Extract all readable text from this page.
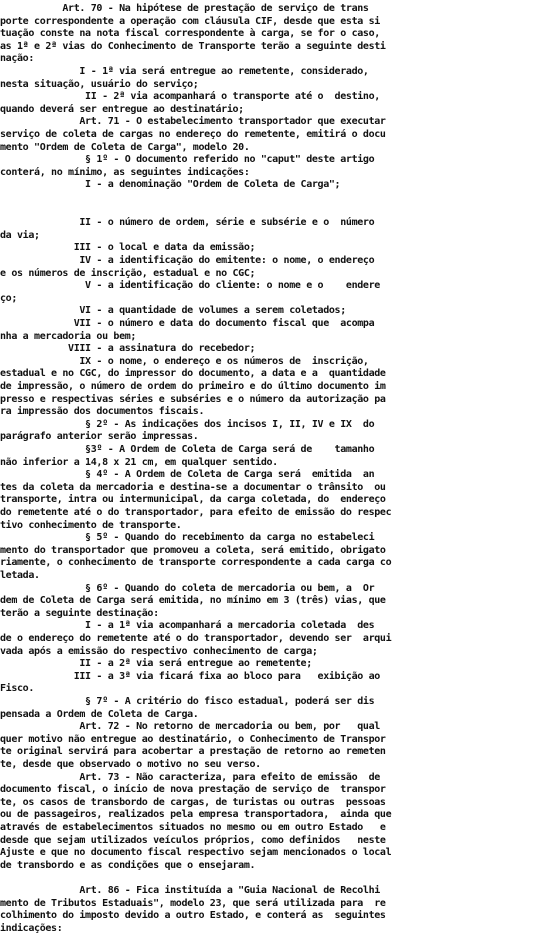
Art. 70 - Na hipótese de prestação de serviço de trans
porte correspondente a operação com cláusula CIF, desde que esta si
tuação conste na nota fiscal correspondente à carga, se for o caso,
as 1ª e 2ª vias do Conhecimento de Transporte terão a seguinte desti
nação:
I - 1ª via será entregue ao remetente, considerado,
nesta situação, usuário do serviço;
II - 2ª via acompanhará o transporte até o  destino,
quando deverá ser entregue ao destinatário;
Art. 71 - O estabelecimento transportador que executar
serviço de coleta de cargas no endereço do remetente, emitirá o docu
mento "Ordem de Coleta de Carga", modelo 20.
§ 1º - O documento referido no "caput" deste artigo
conterá, no mínimo, as seguintes indicações:
I - a denominação "Ordem de Coleta de Carga";
II - o número de ordem, série e subsérie e o  número
da via;
III - o local e data da emissão;
IV - a identificação do emitente: o nome, o endereço
e os números de inscrição, estadual e no CGC;
V - a identificação do cliente: o nome e o    endere
ço;
VI - a quantidade de volumes a serem coletados;
VII - o número e data do documento fiscal que  acompa
nha a mercadoria ou bem;
VIII - a assinatura do recebedor;
IX - o nome, o endereço e os números de  inscrição,
estadual e no CGC, do impressor do documento, a data e a  quantidade
de impressão, o número de ordem do primeiro e do último documento im
presso e respectivas séries e subséries e o número da autorização pa
ra impressão dos documentos fiscais.
§ 2º - As indicações dos incisos I, II, IV e IX  do
parágrafo anterior serão impressas.
§3º - A Ordem de Coleta de Carga será de    tamanho
não inferior a 14,8 x 21 cm, em qualquer sentido.
§ 4º - A Ordem de Coleta de Carga será  emitida  an
tes da coleta da mercadoria e destina-se a documentar o trânsito  ou
transporte, intra ou intermunicipal, da carga coletada, do  endereço
do remetente até o do transportador, para efeito de emissão do respec
tivo conhecimento de transporte.
§ 5º - Quando do recebimento da carga no estabeleci
mento do transportador que promoveu a coleta, será emitido, obrigato
riamente, o conhecimento de transporte correspondente a cada carga co
letada.
§ 6º - Quando do coleta de mercadoria ou bem, a  Or
dem de Coleta de Carga será emitida, no mínimo em 3 (três) vias, que
terão a seguinte destinação:
I - a 1ª via acompanhará a mercadoria coletada  des
de o endereço do remetente até o do transportador, devendo ser  arqui
vada após a emissão do respectivo conhecimento de carga;
II - a 2ª via será entregue ao remetente;
III - a 3ª via ficará fixa ao bloco para   exibição ao
Fisco.
§ 7º - A critério do fisco estadual, poderá ser dis
pensada a Ordem de Coleta de Carga.
Art. 72 - No retorno de mercadoria ou bem, por   qual
quer motivo não entregue ao destinatário, o Conhecimento de Transpor
te original servirá para acobertar a prestação de retorno ao remeten
te, desde que observado o motivo no seu verso.
Art. 73 - Não caracteriza, para efeito de emissão  de
documento fiscal, o início de nova prestação de serviço de  transpor
te, os casos de transbordo de cargas, de turistas ou outras  pessoas
ou de passageiros, realizados pela empresa transportadora,  ainda que
através de estabelecimentos situados no mesmo ou em outro Estado   e
desde que sejam utilizados veículos próprios, como definidos   neste
Ajuste e que no documento fiscal respectivo sejam mencionados o local
de transbordo e as condições que o ensejaram.
Art. 86 - Fica instituída a "Guia Nacional de Recolhi
mento de Tributos Estaduais", modelo 23, que será utilizada para  re
colhimento do imposto devido a outro Estado, e conterá as  seguintes
indicações:
